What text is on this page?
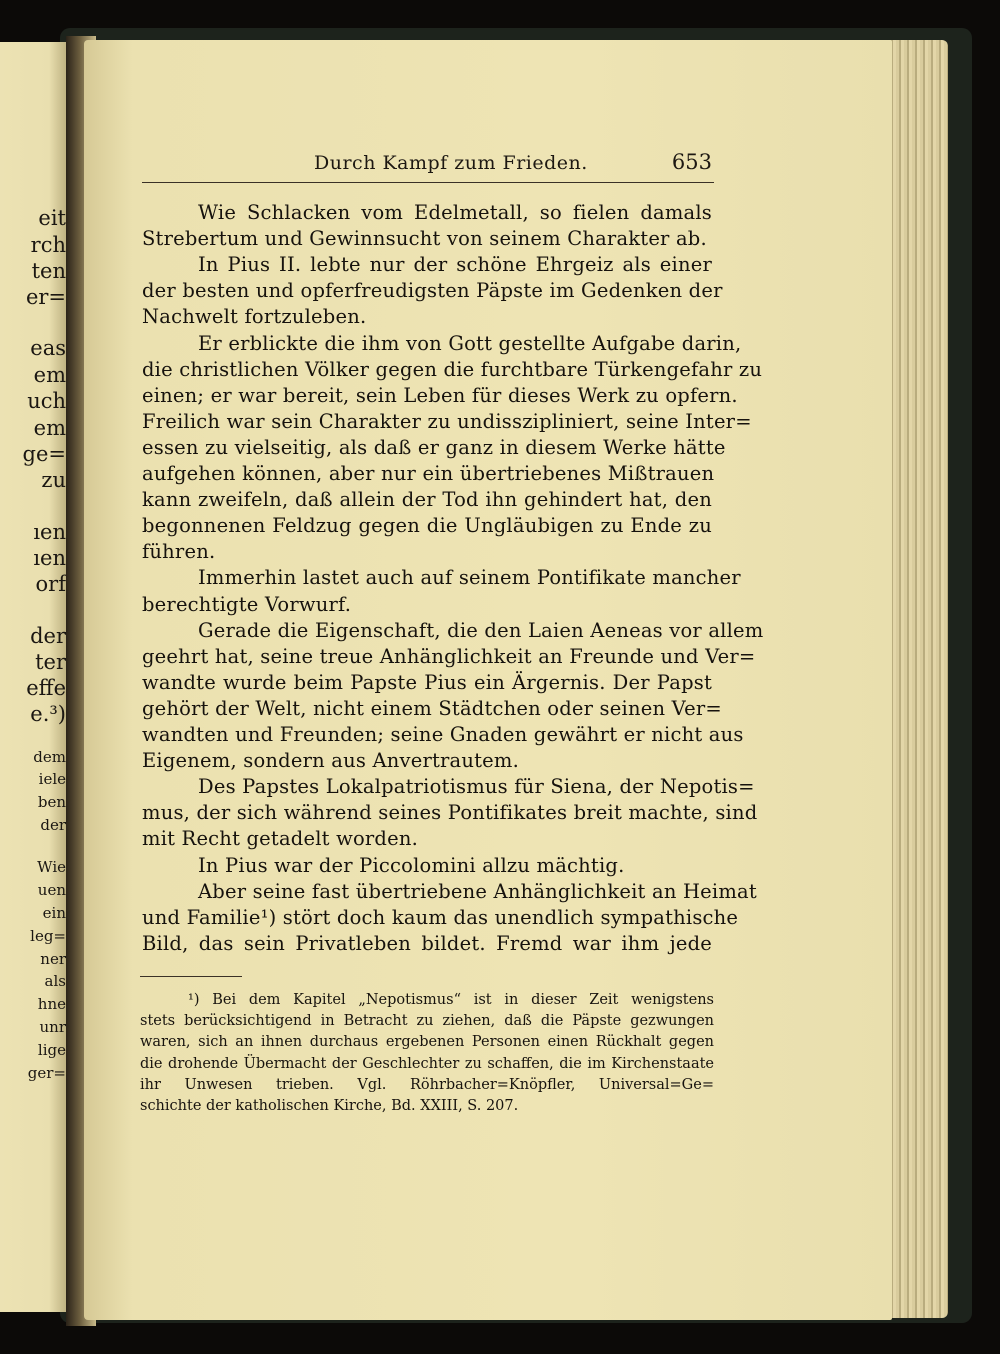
eit
rch
ten
er=
eas
em
uch
em
ge=
zu
ıen
ıen
orf
der
ter
effe
e.³)
dem
iele
ben
der
Wie
uen
ein
leg=
ner
als
hne
unr
lige
ger=
Durch Kampf zum Frieden.	653
Wie Schlacken vom Edelmetall, so fielen damals
Strebertum und Gewinnsucht von seinem Charakter ab.
In Pius II. lebte nur der schöne Ehrgeiz als einer
der besten und opferfreudigsten Päpste im Gedenken der
Nachwelt fortzuleben.
Er erblickte die ihm von Gott gestellte Aufgabe darin,
die christlichen Völker gegen die furchtbare Türkengefahr zu
einen; er war bereit, sein Leben für dieses Werk zu opfern.
Freilich war sein Charakter zu undisszipliniert, seine Inter=
essen zu vielseitig, als daß er ganz in diesem Werke hätte
aufgehen können, aber nur ein übertriebenes Mißtrauen
kann zweifeln, daß allein der Tod ihn gehindert hat, den
begonnenen Feldzug gegen die Ungläubigen zu Ende zu
führen.
Immerhin lastet auch auf seinem Pontifikate mancher
berechtigte Vorwurf.
Gerade die Eigenschaft, die den Laien Aeneas vor allem
geehrt hat, seine treue Anhänglichkeit an Freunde und Ver=
wandte wurde beim Papste Pius ein Ärgernis. Der Papst
gehört der Welt, nicht einem Städtchen oder seinen Ver=
wandten und Freunden; seine Gnaden gewährt er nicht aus
Eigenem, sondern aus Anvertrautem.
Des Papstes Lokalpatriotismus für Siena, der Nepotis=
mus, der sich während seines Pontifikates breit machte, sind
mit Recht getadelt worden.
In Pius war der Piccolomini allzu mächtig.
Aber seine fast übertriebene Anhänglichkeit an Heimat
und Familie¹) stört doch kaum das unendlich sympathische
Bild, das sein Privatleben bildet. Fremd war ihm jede
¹) Bei dem Kapitel „Nepotismus“ ist in dieser Zeit wenigstens
stets berücksichtigend in Betracht zu ziehen, daß die Päpste gezwungen
waren, sich an ihnen durchaus ergebenen Personen einen Rückhalt gegen
die drohende Übermacht der Geschlechter zu schaffen, die im Kirchenstaate
ihr Unwesen trieben. Vgl. Röhrbacher=Knöpfler, Universal=Ge=
schichte der katholischen Kirche, Bd. XXIII, S. 207.
